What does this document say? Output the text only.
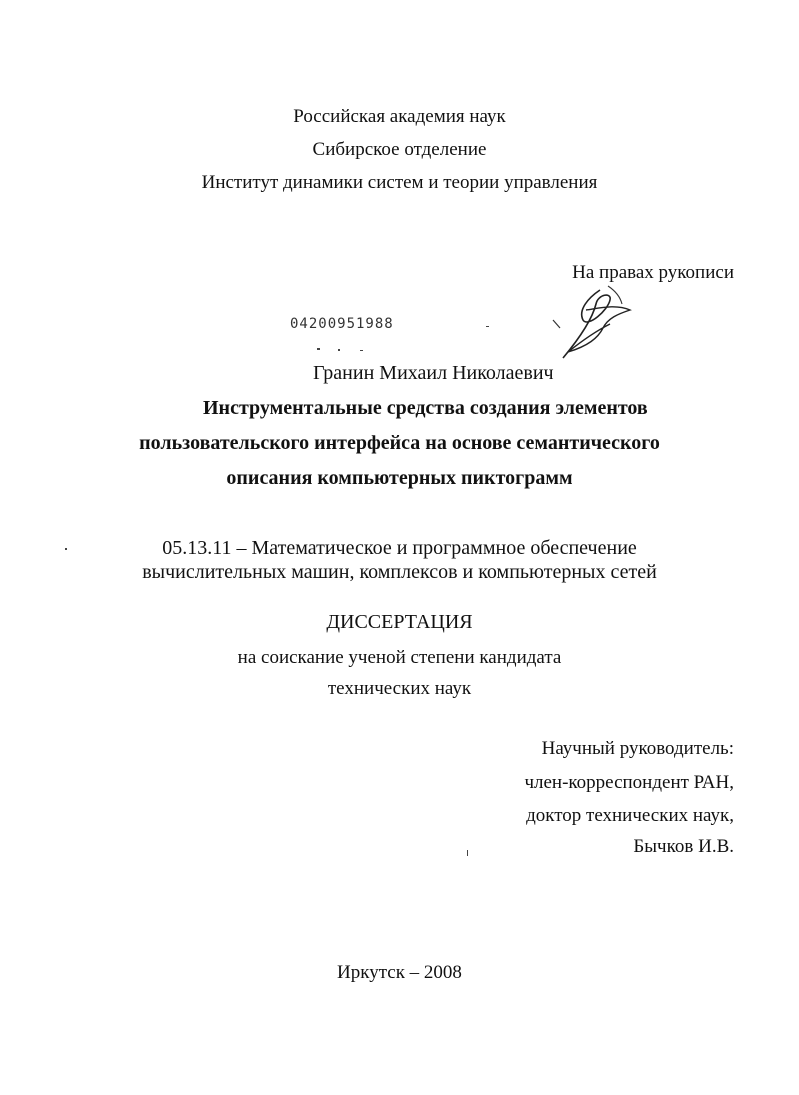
Российская академия наук
Сибирское отделение
Институт динамики систем и теории управления
На правах рукописи
04200951988
Гранин Михаил Николаевич
Инструментальные средства создания элементов
пользовательского интерфейса на основе семантического
описания компьютерных пиктограмм
05.13.11 – Математическое и программное обеспечение
вычислительных машин, комплексов и компьютерных сетей
ДИССЕРТАЦИЯ
на соискание ученой степени кандидата
технических наук
Научный руководитель:
член-корреспондент РАН,
доктор технических наук,
Бычков И.В.
Иркутск – 2008
